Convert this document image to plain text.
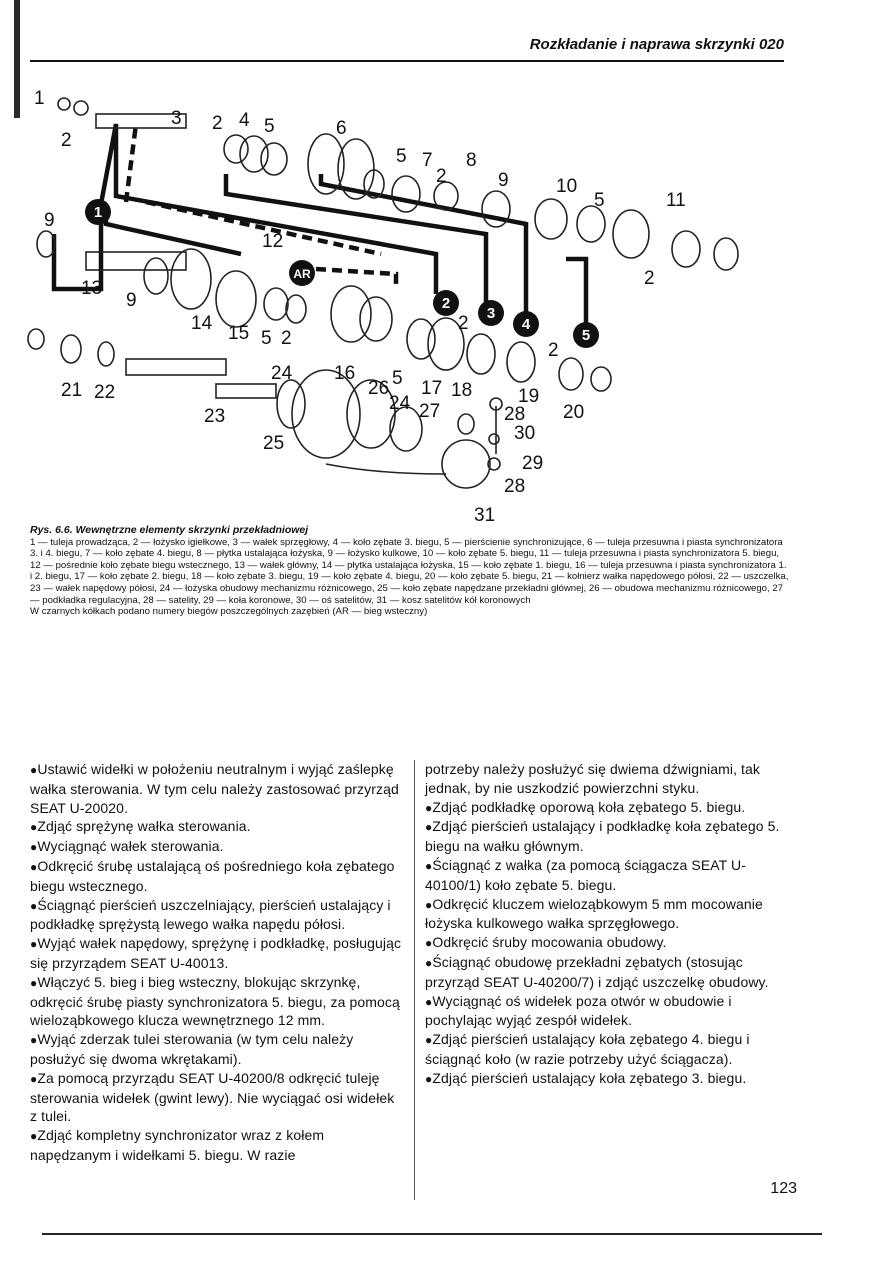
Rozkładanie i naprawa skrzynki 020
1
2
3
4
5
AR
1
2
3 2 4 5	6
5 7
2
8
9 10
5	11
9
12
2
13
9
14 15 5 2
2
16 5 17 18
2
19
20
21 22
24
23
26
24 27	28
30
25
29
28
31
Rys. 6.6. Wewnętrzne elementy skrzynki przekładniowej
1 — tuleja prowadząca, 2 — łożysko igiełkowe, 3 — wałek sprzęgłowy, 4 — koło zębate 3. biegu, 5 — pierścienie synchronizujące, 6 — tuleja przesuwna i piasta synchronizatora 3. i 4. biegu, 7 — koło zębate 4. biegu, 8 — płytka ustalająca łożyska, 9 — łożysko kulkowe, 10 — koło zębate 5. biegu, 11 — tuleja przesuwna i piasta synchronizatora 5. biegu, 12 — pośrednie koło zębate biegu wstecznego, 13 — wałek główny, 14 — płytka ustalająca łożyska, 15 — koło zębate 1. biegu, 16 — tuleja przesuwna i piasta synchronizatora 1. i 2. biegu, 17 — koło zębate 2. biegu, 18 — koło zębate 3. biegu, 19 — koło zębate 4. biegu, 20 — koło zębate 5. biegu, 21 — kołnierz wałka napędowego półosi, 22 — uszczelka, 23 — wałek napędowy półosi, 24 — łożyska obudowy mechanizmu różnicowego, 25 — koło zębate napędzane przekładni głównej, 26 — obudowa mechanizmu różnicowego, 27 — podkładka regulacyjna, 28 — satelity, 29 — koła koronowe, 30 — oś satelitów, 31 — kosz satelitów kół koronowych
W czarnych kółkach podano numery biegów poszczególnych zazębień (AR — bieg wsteczny)

●Ustawić widełki w położeniu neutralnym i wyjąć zaślepkę wałka sterowania. W tym celu należy zastosować przyrząd SEAT U-20020.

●Zdjąć sprężynę wałka sterowania.

●Wyciągnąć wałek sterowania.

●Odkręcić śrubę ustalającą oś pośredniego koła zębatego biegu wstecznego.

●Ściągnąć pierścień uszczelniający, pierścień ustalający i podkładkę sprężystą lewego wałka napędu półosi.

●Wyjąć wałek napędowy, sprężynę i podkładkę, posługując się przyrządem SEAT U-40013.

●Włączyć 5. bieg i bieg wsteczny, blokując skrzynkę, odkręcić śrubę piasty synchronizatora 5. biegu, za pomocą wieloząbkowego klucza wewnętrznego 12 mm.

●Wyjąć zderzak tulei sterowania (w tym celu należy posłużyć się dwoma wkrętakami).

●Za pomocą przyrządu SEAT U-40200/8 odkręcić tuleję sterowania widełek (gwint lewy). Nie wyciągać osi widełek z tulei.

●Zdjąć kompletny synchronizator wraz z kołem napędzanym i widełkami 5. biegu. W razie

potrzeby należy posłużyć się dwiema dźwigniami, tak jednak, by nie uszkodzić powierzchni styku.

●Zdjąć podkładkę oporową koła zębatego 5. biegu.

●Zdjąć pierścień ustalający i podkładkę koła zębatego 5. biegu na wałku głównym.

●Ściągnąć z wałka (za pomocą ściągacza SEAT U-40100/1) koło zębate 5. biegu.

●Odkręcić kluczem wieloząbkowym 5 mm mocowanie łożyska kulkowego wałka sprzęgłowego.

●Odkręcić śruby mocowania obudowy.

●Ściągnąć obudowę przekładni zębatych (stosując przyrząd SEAT U-40200/7) i zdjąć uszczelkę obudowy.

●Wyciągnąć oś widełek poza otwór w obudowie i pochylając wyjąć zespół widełek.

●Zdjąć pierścień ustalający koła zębatego 4. biegu i ściągnąć koło (w razie potrzeby użyć ściągacza).

●Zdjąć pierścień ustalający koła zębatego 3. biegu.

123
